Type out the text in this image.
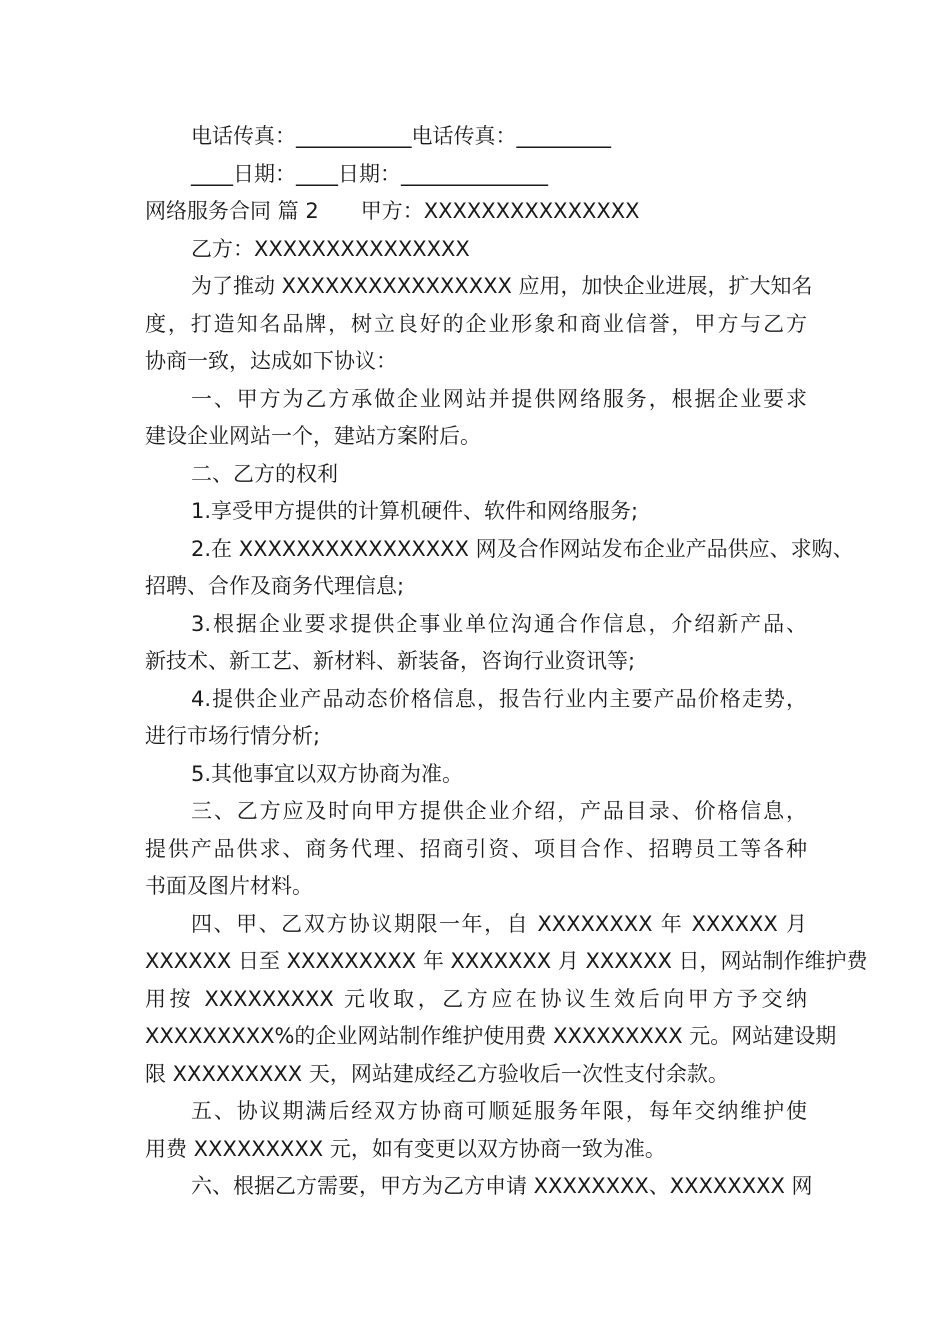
电话传真：___________电话传真：_________
____日期：____日期：______________
网络服务合同 篇 2　　甲方：XXXXXXXXXXXXXXX
乙方：XXXXXXXXXXXXXXX
为了推动 XXXXXXXXXXXXXXXX 应用，加快企业进展，扩大知名
度，打造知名品牌，树立良好的企业形象和商业信誉，甲方与乙方
协商一致，达成如下协议：
一、甲方为乙方承做企业网站并提供网络服务，根据企业要求
建设企业网站一个，建站方案附后。
二、乙方的权利
1.享受甲方提供的计算机硬件、软件和网络服务;
2.在 XXXXXXXXXXXXXXXX 网及合作网站发布企业产品供应、求购、
招聘、合作及商务代理信息;
3.根据企业要求提供企事业单位沟通合作信息，介绍新产品、
新技术、新工艺、新材料、新装备，咨询行业资讯等;
4.提供企业产品动态价格信息，报告行业内主要产品价格走势，
进行市场行情分析;
5.其他事宜以双方协商为准。
三、乙方应及时向甲方提供企业介绍，产品目录、价格信息，
提供产品供求、商务代理、招商引资、项目合作、招聘员工等各种
书面及图片材料。
四、甲、乙双方协议期限一年，自 XXXXXXXX 年 XXXXXX 月
XXXXXX 日至 XXXXXXXXX 年 XXXXXXX 月 XXXXXX 日，网站制作维护费
用按 XXXXXXXXX 元收取，乙方应在协议生效后向甲方予交纳
XXXXXXXXX%的企业网站制作维护使用费 XXXXXXXXX 元。网站建设期
限 XXXXXXXXX 天，网站建成经乙方验收后一次性支付余款。
五、协议期满后经双方协商可顺延服务年限，每年交纳维护使
用费 XXXXXXXXX 元，如有变更以双方协商一致为准。
六、根据乙方需要，甲方为乙方申请 XXXXXXXX、XXXXXXXX 网
